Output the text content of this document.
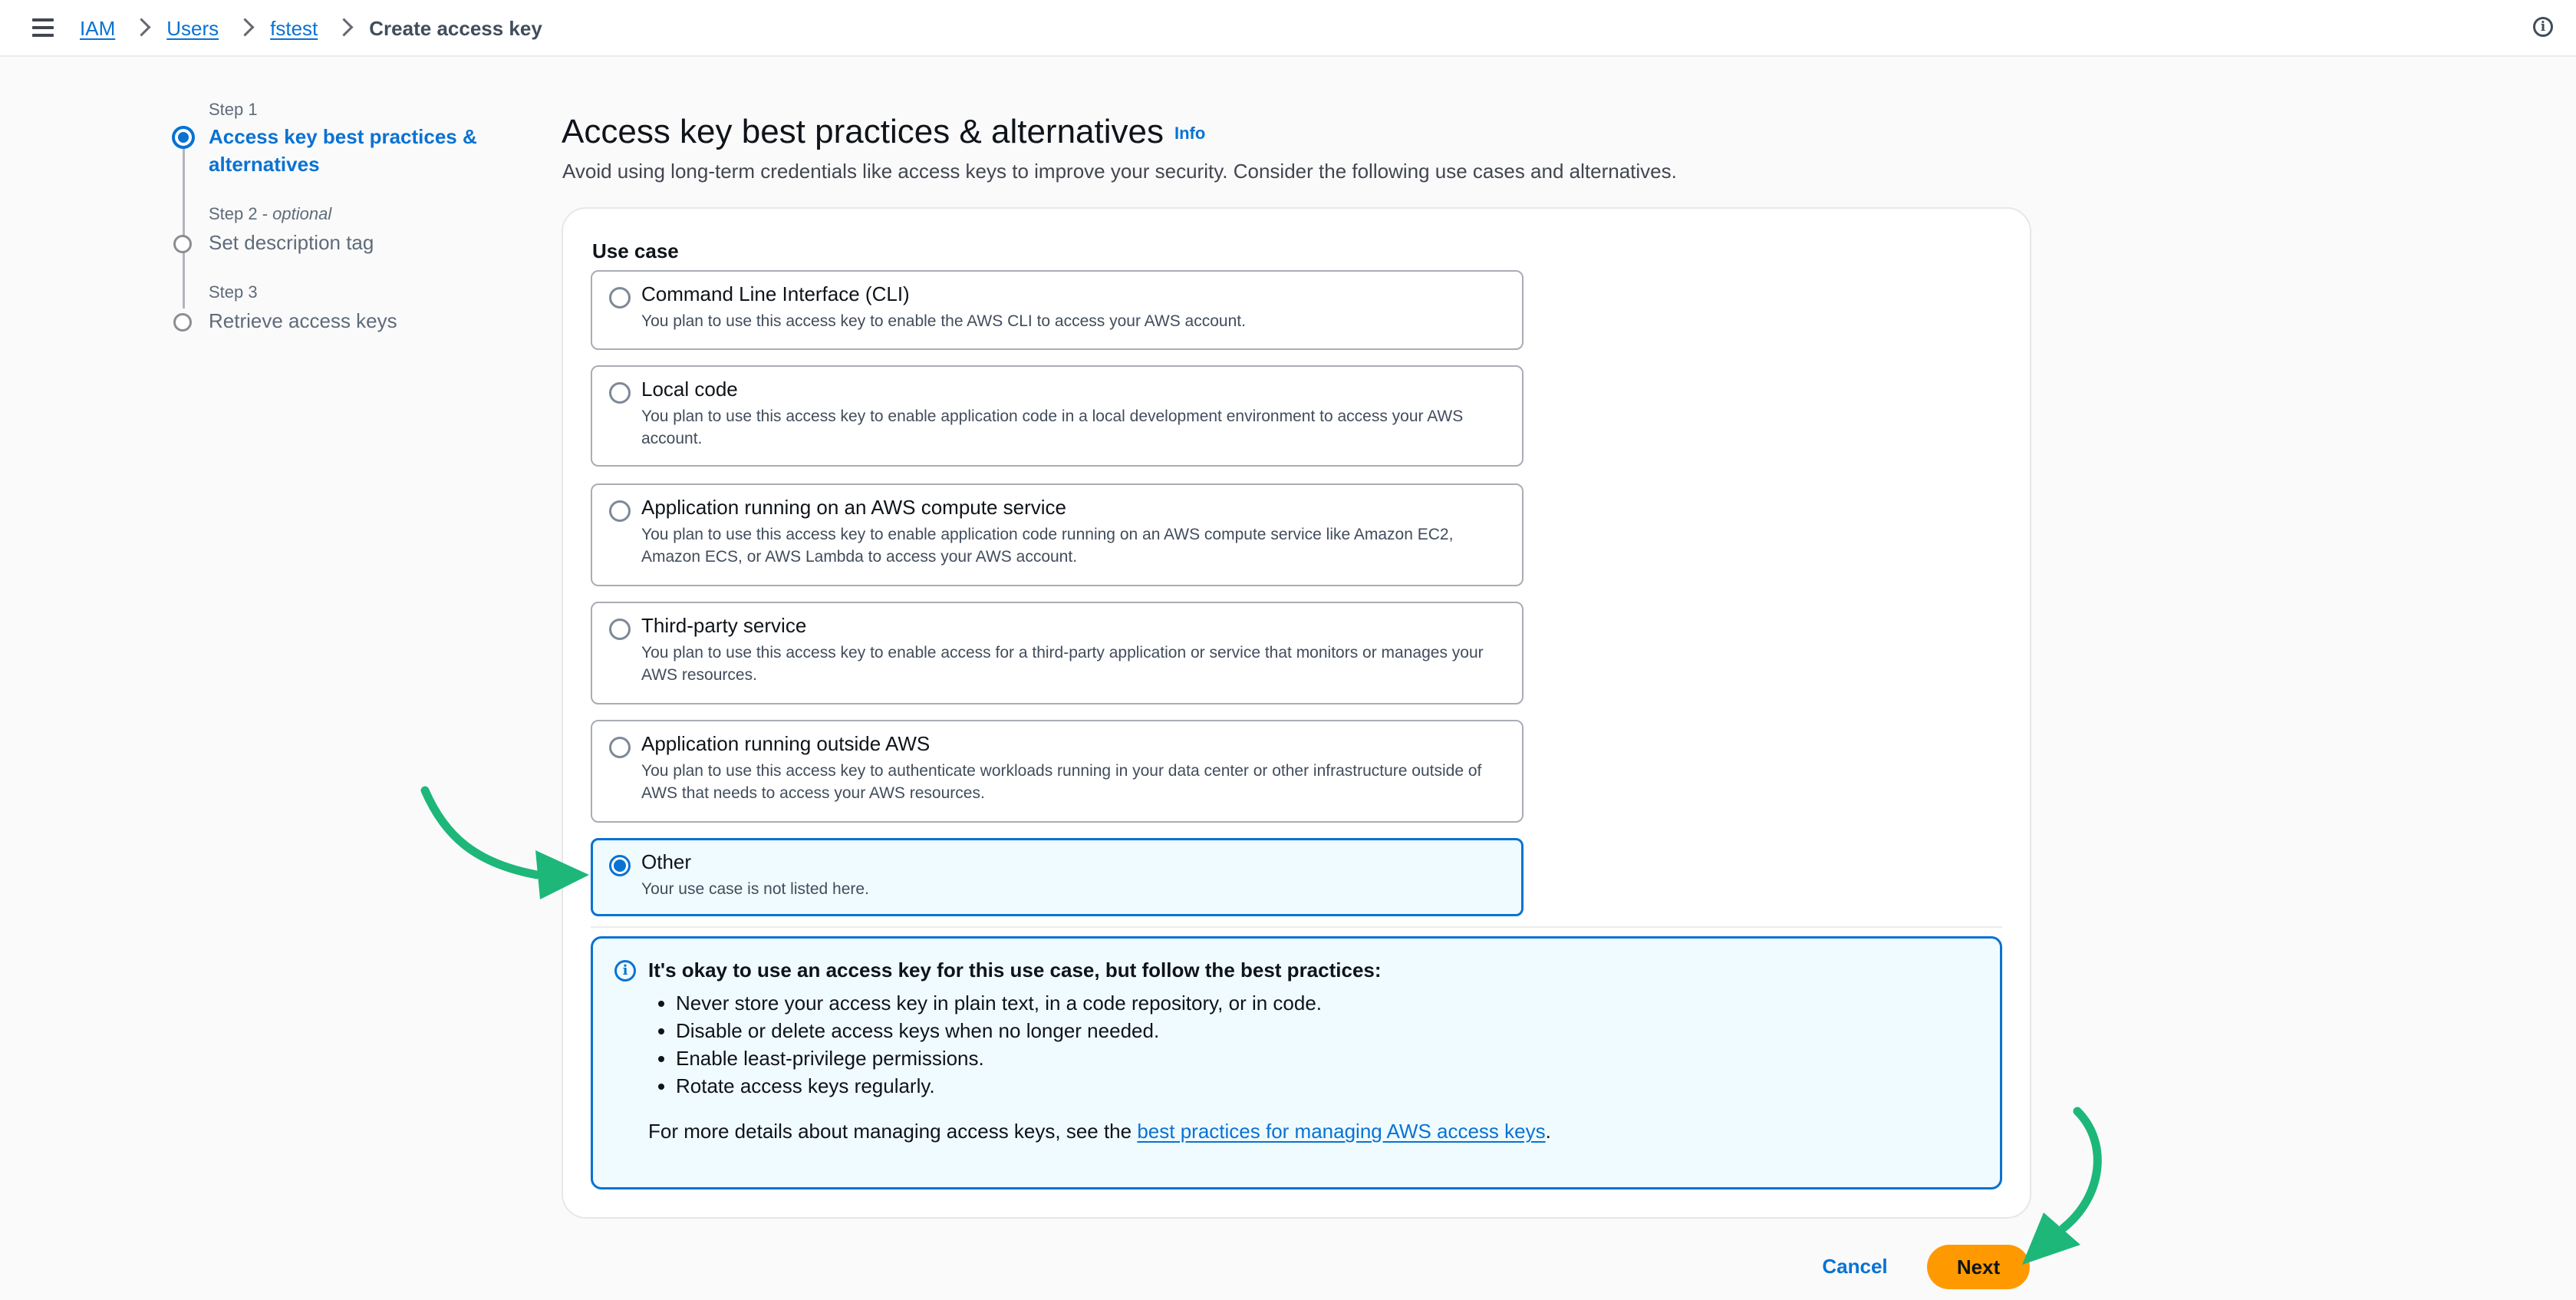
IAM	Users	fstest	Create access key	i
Step 1
Access key best practices &
alternatives
Step 2 - optional
Set description tag
Step 3
Retrieve access keys
Access key best practices & alternatives Info
Avoid using long-term credentials like access keys to improve your security. Consider the following use cases and alternatives.
Use case
Command Line Interface (CLI)
You plan to use this access key to enable the AWS CLI to access your AWS account.
Local code
You plan to use this access key to enable application code in a local development environment to access your AWS account.
Application running on an AWS compute service
You plan to use this access key to enable application code running on an AWS compute service like Amazon EC2, Amazon ECS, or AWS Lambda to access your AWS account.
Third-party service
You plan to use this access key to enable access for a third-party application or service that monitors or manages your AWS resources.
Application running outside AWS
You plan to use this access key to authenticate workloads running in your data center or other infrastructure outside of AWS that needs to access your AWS resources.
Other
Your use case is not listed here.
i	It's okay to use an access key for this use case, but follow the best practices:
• Never store your access key in plain text, in a code repository, or in code.
• Disable or delete access keys when no longer needed.
• Enable least-privilege permissions.
• Rotate access keys regularly.
For more details about managing access keys, see the best practices for managing AWS access keys.
Cancel	Next
